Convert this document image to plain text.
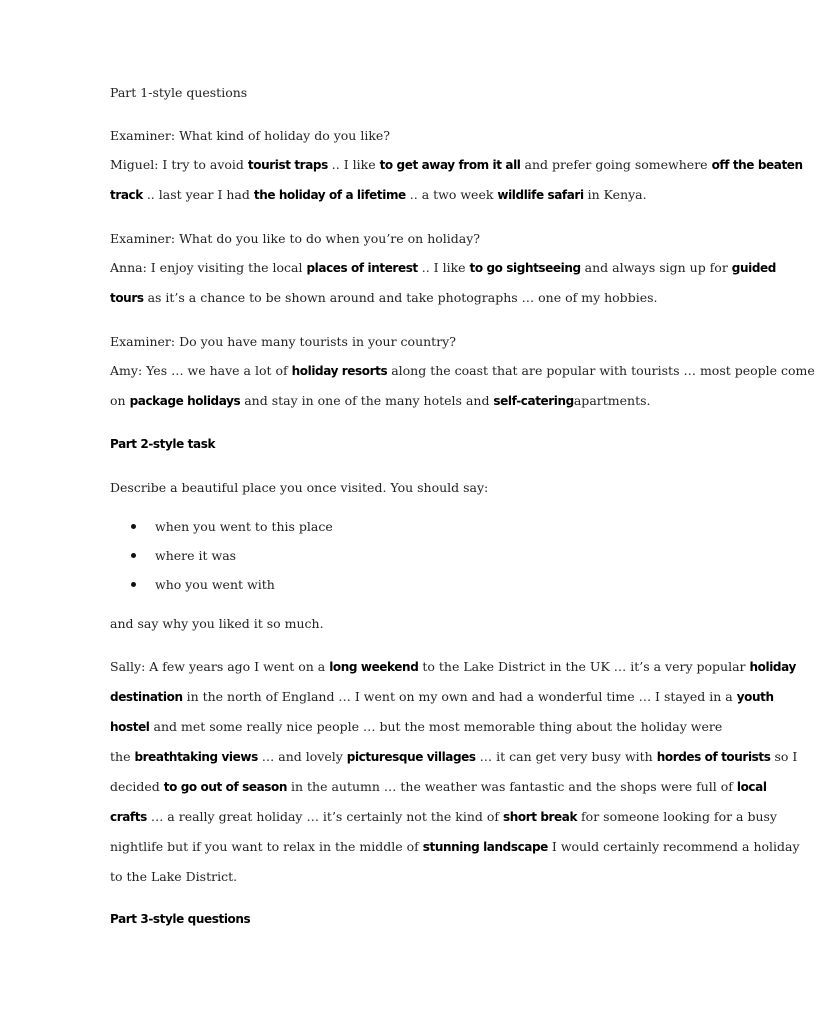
Part 1-style questions
Examiner: What kind of holiday do you like?
Miguel: I try to avoid tourist traps .. I like to get away from it all and prefer going somewhere off the beaten
track .. last year I had the holiday of a lifetime .. a two week wildlife safari in Kenya.
Examiner: What do you like to do when you’re on holiday?
Anna: I enjoy visiting the local places of interest .. I like to go sightseeing and always sign up for guided
tours as it’s a chance to be shown around and take photographs … one of my hobbies.
Examiner: Do you have many tourists in your country?
Amy: Yes … we have a lot of holiday resorts along the coast that are popular with tourists … most people come
on package holidays and stay in one of the many hotels and self-cateringapartments.
Part 2-style task
Describe a beautiful place you once visited. You should say:
when you went to this place
where it was
who you went with
and say why you liked it so much.
Sally: A few years ago I went on a long weekend to the Lake District in the UK … it’s a very popular holiday
destination in the north of England … I went on my own and had a wonderful time … I stayed in a youth
hostel and met some really nice people … but the most memorable thing about the holiday were
the breathtaking views … and lovely picturesque villages … it can get very busy with hordes of tourists so I
decided to go out of season in the autumn … the weather was fantastic and the shops were full of local
crafts … a really great holiday … it’s certainly not the kind of short break for someone looking for a busy
nightlife but if you want to relax in the middle of stunning landscape I would certainly recommend a holiday
to the Lake District.
Part 3-style questions
